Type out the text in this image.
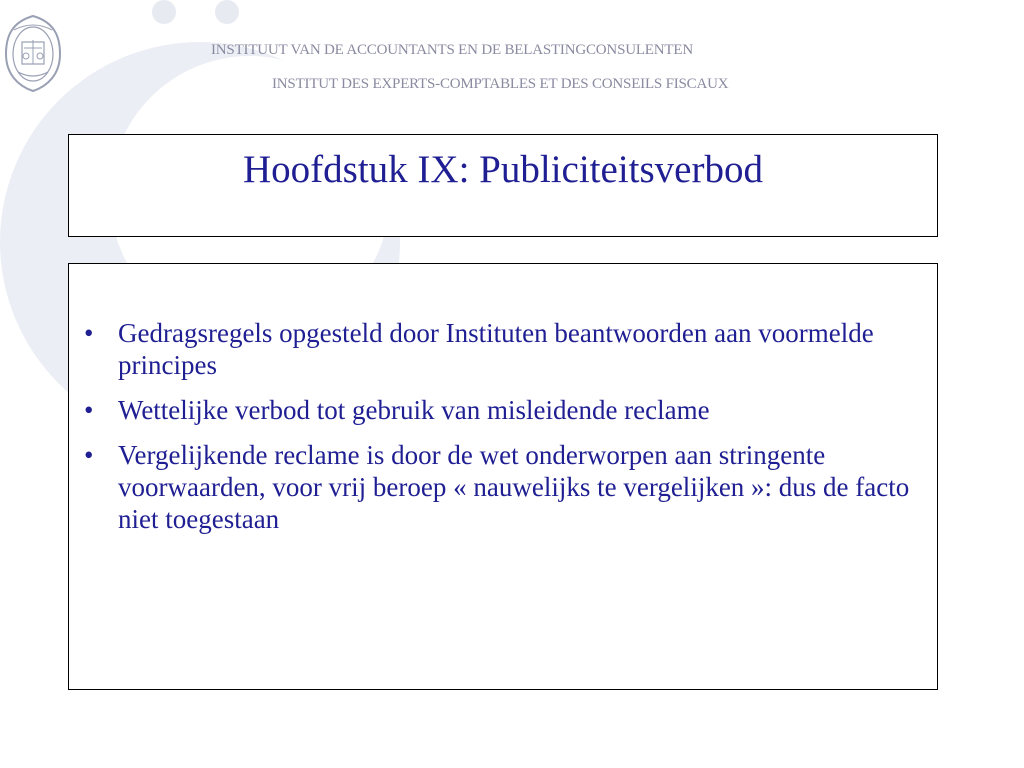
INSTITUUT VAN DE ACCOUNTANTS EN DE BELASTINGCONSULENTEN

INSTITUT DES EXPERTS-COMPTABLES ET DES CONSEILS FISCAUX

Hoofdstuk IX: Publiciteitsverbod
• Gedragsregels opgesteld door Instituten beantwoorden aan voormelde principes
• Wettelijke verbod tot gebruik van misleidende reclame
• Vergelijkende reclame is door de wet onderworpen aan stringente voorwaarden, voor vrij beroep « nauwelijks te vergelijken »: dus de facto niet toegestaan
